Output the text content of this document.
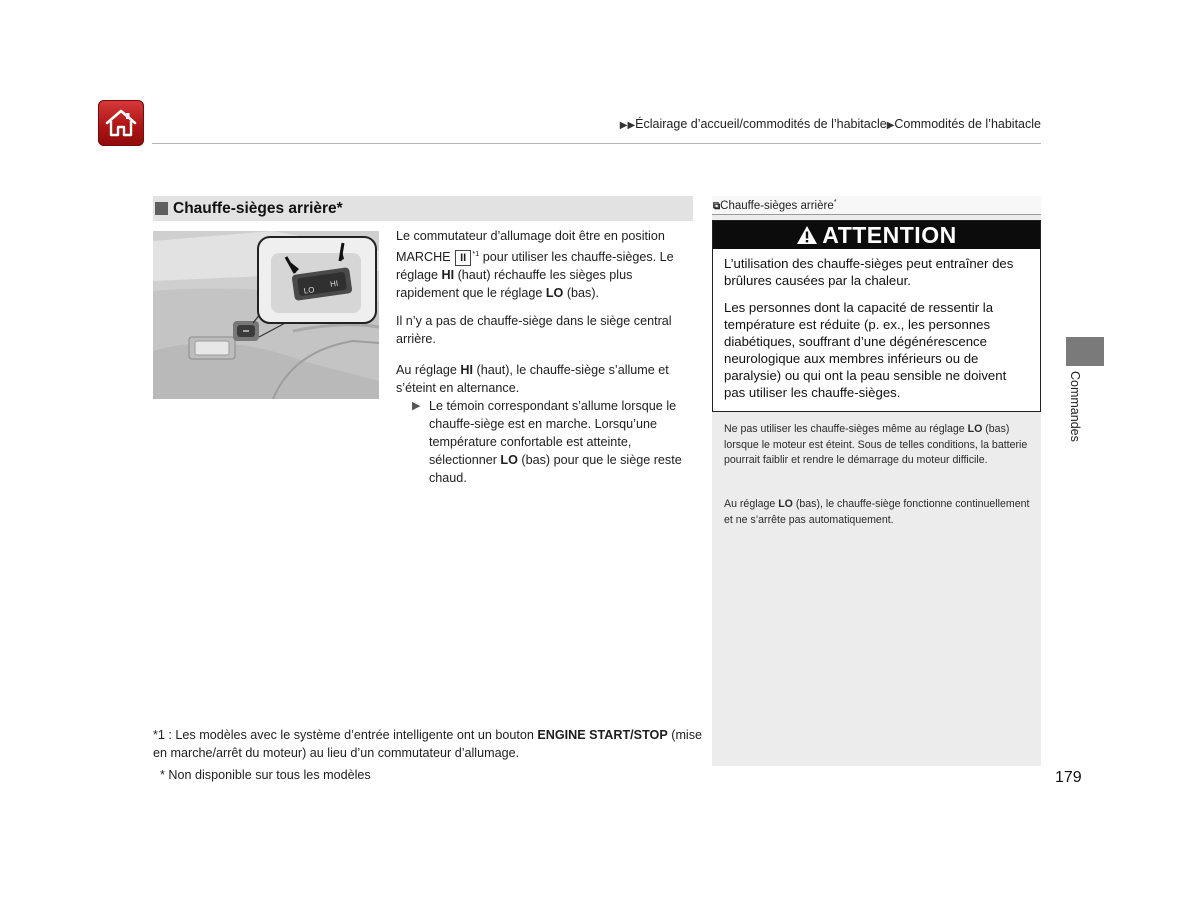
▶▶Éclairage d’accueil/commodités de l’habitacle▶Commodités de l’habitacle
Chauffe-sièges arrière*
LO
HI
Le commutateur d’allumage doit être en position MARCHE II $^{*1}$ pour utiliser les chauffe-sièges. Le réglage HI (haut) réchauffe les sièges plus rapidement que le réglage LO (bas).
Il n’y a pas de chauffe-siège dans le siège central arrière.
Au réglage HI (haut), le chauffe-siège s’allume et s’éteint en alternance.
▶ Le témoin correspondant s’allume lorsque le chauffe-siège est en marche. Lorsqu’une température confortable est atteinte, sélectionner LO (bas) pour que le siège reste chaud.
*1 : Les modèles avec le système d’entrée intelligente ont un bouton ENGINE START/STOP (mise en marche/arrêt du moteur) au lieu d’un commutateur d’allumage.
* Non disponible sur tous les modèles
⧉Chauffe-sièges arrière*
ATTENTION
L’utilisation des chauffe-sièges peut entraîner des brûlures causées par la chaleur.
Les personnes dont la capacité de ressentir la température est réduite (p. ex., les personnes diabétiques, souffrant d’une dégénérescence neurologique aux membres inférieurs ou de paralysie) ou qui ont la peau sensible ne doivent pas utiliser les chauffe-sièges.
Ne pas utiliser les chauffe-sièges même au réglage LO (bas) lorsque le moteur est éteint. Sous de telles conditions, la batterie pourrait faiblir et rendre le démarrage du moteur difficile.
Au réglage LO (bas), le chauffe-siège fonctionne continuellement et ne s’arrête pas automatiquement.
Commandes
179
